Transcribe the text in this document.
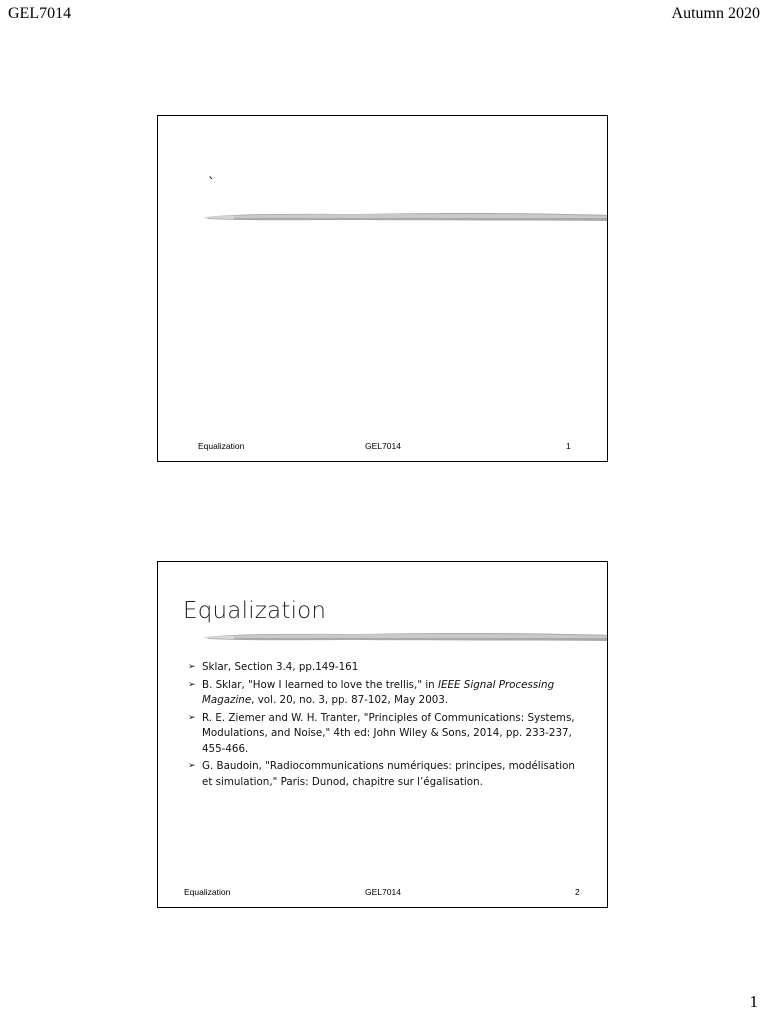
GEL7014	Autumn 2020
`
Equalization	GEL7014	1
Equalization
➢ Sklar, Section 3.4, pp.149-161
➢ B. Sklar, "How I learned to love the trellis," in IEEE Signal Processing Magazine, vol. 20, no. 3, pp. 87-102, May 2003.
➢ R. E. Ziemer and W. H. Tranter, "Principles of Communications: Systems, Modulations, and Noise," 4th ed: John Wiley & Sons, 2014, pp. 233-237, 455-466.
➢ G. Baudoin, "Radiocommunications numériques: principes, modélisation et simulation," Paris: Dunod, chapitre sur l’égalisation.
Equalization	GEL7014	2
1
